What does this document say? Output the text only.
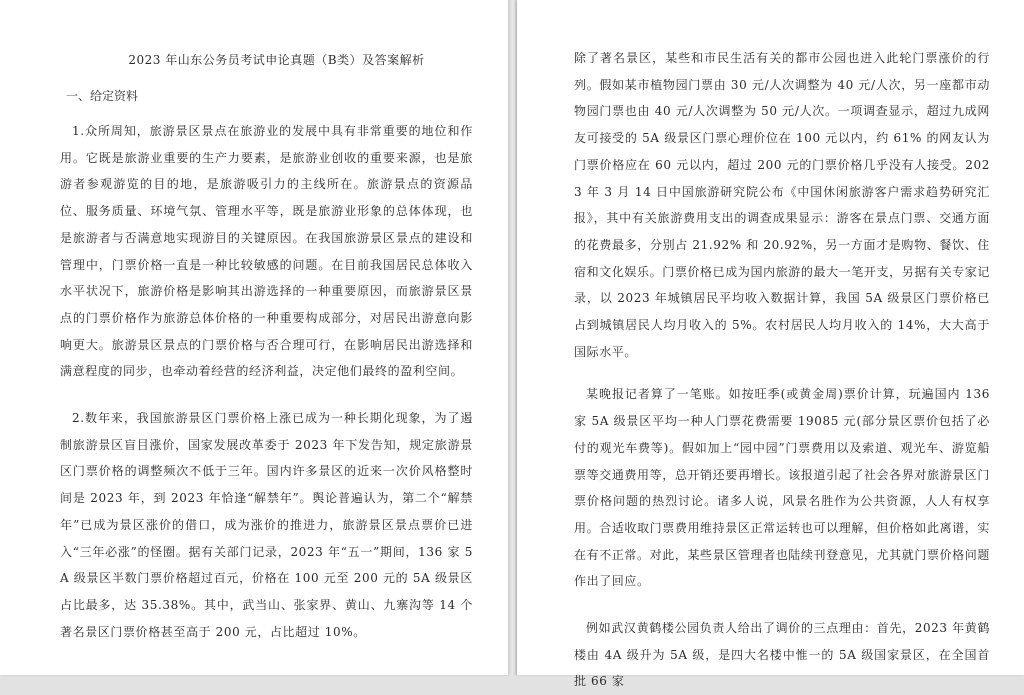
2023 年山东公务员考试申论真题（B类）及答案解析
一、给定资料

1.众所周知，旅游景区景点在旅游业的发展中具有非常重要的地位和作用。它既是旅游业重要的生产力要素，是旅游业创收的重要来源，也是旅游者参观游览的目的地，是旅游吸引力的主线所在。旅游景点的资源品位、服务质量、环境气氛、管理水平等，既是旅游业形象的总体体现，也是旅游者与否满意地实现游目的关键原因。在我国旅游景区景点的建设和管理中，门票价格一直是一种比较敏感的问题。在目前我国居民总体收入水平状况下，旅游价格是影响其出游选择的一种重要原因，而旅游景区景点的门票价格作为旅游总体价格的一种重要构成部分，对居民出游意向影响更大。旅游景区景点的门票价格与否合理可行，在影响居民出游选择和满意程度的同步，也牵动着经营的经济利益，决定他们最终的盈利空间。

2.数年来，我国旅游景区门票价格上涨已成为一种长期化现象，为了遏制旅游景区盲目涨价，国家发展改革委于 2023 年下发告知，规定旅游景区门票价格的调整频次不低于三年。国内许多景区的近来一次价风格整时间是 2023 年，到 2023 年恰逢“解禁年”。舆论普遍认为，第二个“解禁年”已成为景区涨价的借口，成为涨价的推进力，旅游景区景点票价已进入“三年必涨”的怪圈。据有关部门记录，2023 年“五一”期间，136 家 5A 级景区半数门票价格超过百元，价格在 100 元至 200 元的 5A 级景区占比最多，达 35.38%。其中，武当山、张家界、黄山、九寨沟等 14 个著名景区门票价格甚至高于 200 元，占比超过 10%。

除了著名景区，某些和市民生活有关的都市公园也进入此轮门票涨价的行列。假如某市植物园门票由 30 元/人次调整为 40 元/人次，另一座都市动物园门票也由 40 元/人次调整为 50 元/人次。一项调查显示，超过九成网友可接受的 5A 级景区门票心理价位在 100 元以内，约 61% 的网友认为门票价格应在 60 元以内，超过 200 元的门票价格几乎没有人接受。2023 年 3 月 14 日中国旅游研究院公布《中国休闲旅游客户需求趋势研究汇报》，其中有关旅游费用支出的调查成果显示：游客在景点门票、交通方面的花费最多，分别占 21.92% 和 20.92%，另一方面才是购物、餐饮、住宿和文化娱乐。门票价格已成为国内旅游的最大一笔开支，另据有关专家记录，以 2023 年城镇居民平均收入数据计算，我国 5A 级景区门票价格已占到城镇居民人均月收入的 5%。农村居民人均月收入的 14%，大大高于国际水平。

某晚报记者算了一笔账。如按旺季(或黄金周)票价计算，玩遍国内 136 家 5A 级景区平均一种人门票花费需要 19085 元(部分景区票价包括了必付的观光车费等)。假如加上“园中园”门票费用以及索道、观光车、游览船票等交通费用等，总开销还要再增长。该报道引起了社会各界对旅游景区门票价格问题的热烈讨论。诸多人说，风景名胜作为公共资源，人人有权享用。合适收取门票费用维持景区正常运转也可以理解，但价格如此离谱，实在有不正常。对此，某些景区管理者也陆续刊登意见，尤其就门票价格问题作出了回应。

例如武汉黄鹤楼公园负责人给出了调价的三点理由：首先，2023 年黄鹤楼由 4A 级升为 5A 级，是四大名楼中惟一的 5A 级国家景区，在全国首批 66 家
